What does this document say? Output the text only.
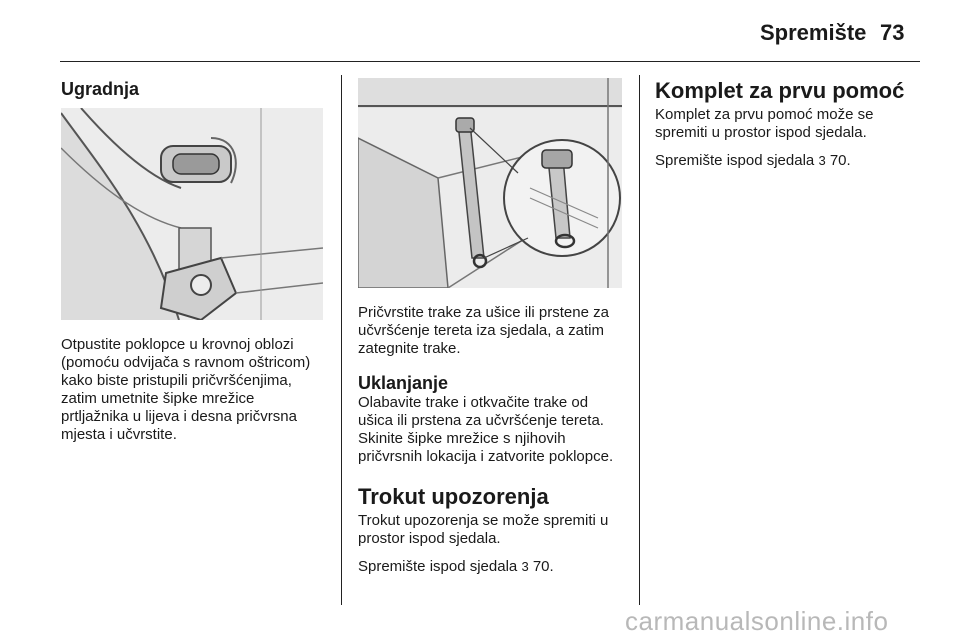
Spremište 73
Ugradnja

Otpustite poklopce u krovnoj oblozi (pomoću odvijača s ravnom oštricom) kako biste pristupili pričvršćenjima, zatim umetnite šipke mrežice prtljažnika u lijeva i desna pričvrsna mjesta i učvrstite.

Pričvrstite trake za ušice ili prstene za učvršćenje tereta iza sjedala, a zatim zategnite trake.

Uklanjanje

Olabavite trake i otkvačite trake od ušica ili prstena za učvršćenje tereta. Skinite šipke mrežice s njihovih pričvrsnih lokacija i zatvorite poklopce.

Trokut upozorenja

Trokut upozorenja se može spremiti u prostor ispod sjedala.

Spremište ispod sjedala 3 70.

Komplet za prvu pomoć

Komplet za prvu pomoć može se spremiti u prostor ispod sjedala.

Spremište ispod sjedala 3 70.

carmanualsonline.info
